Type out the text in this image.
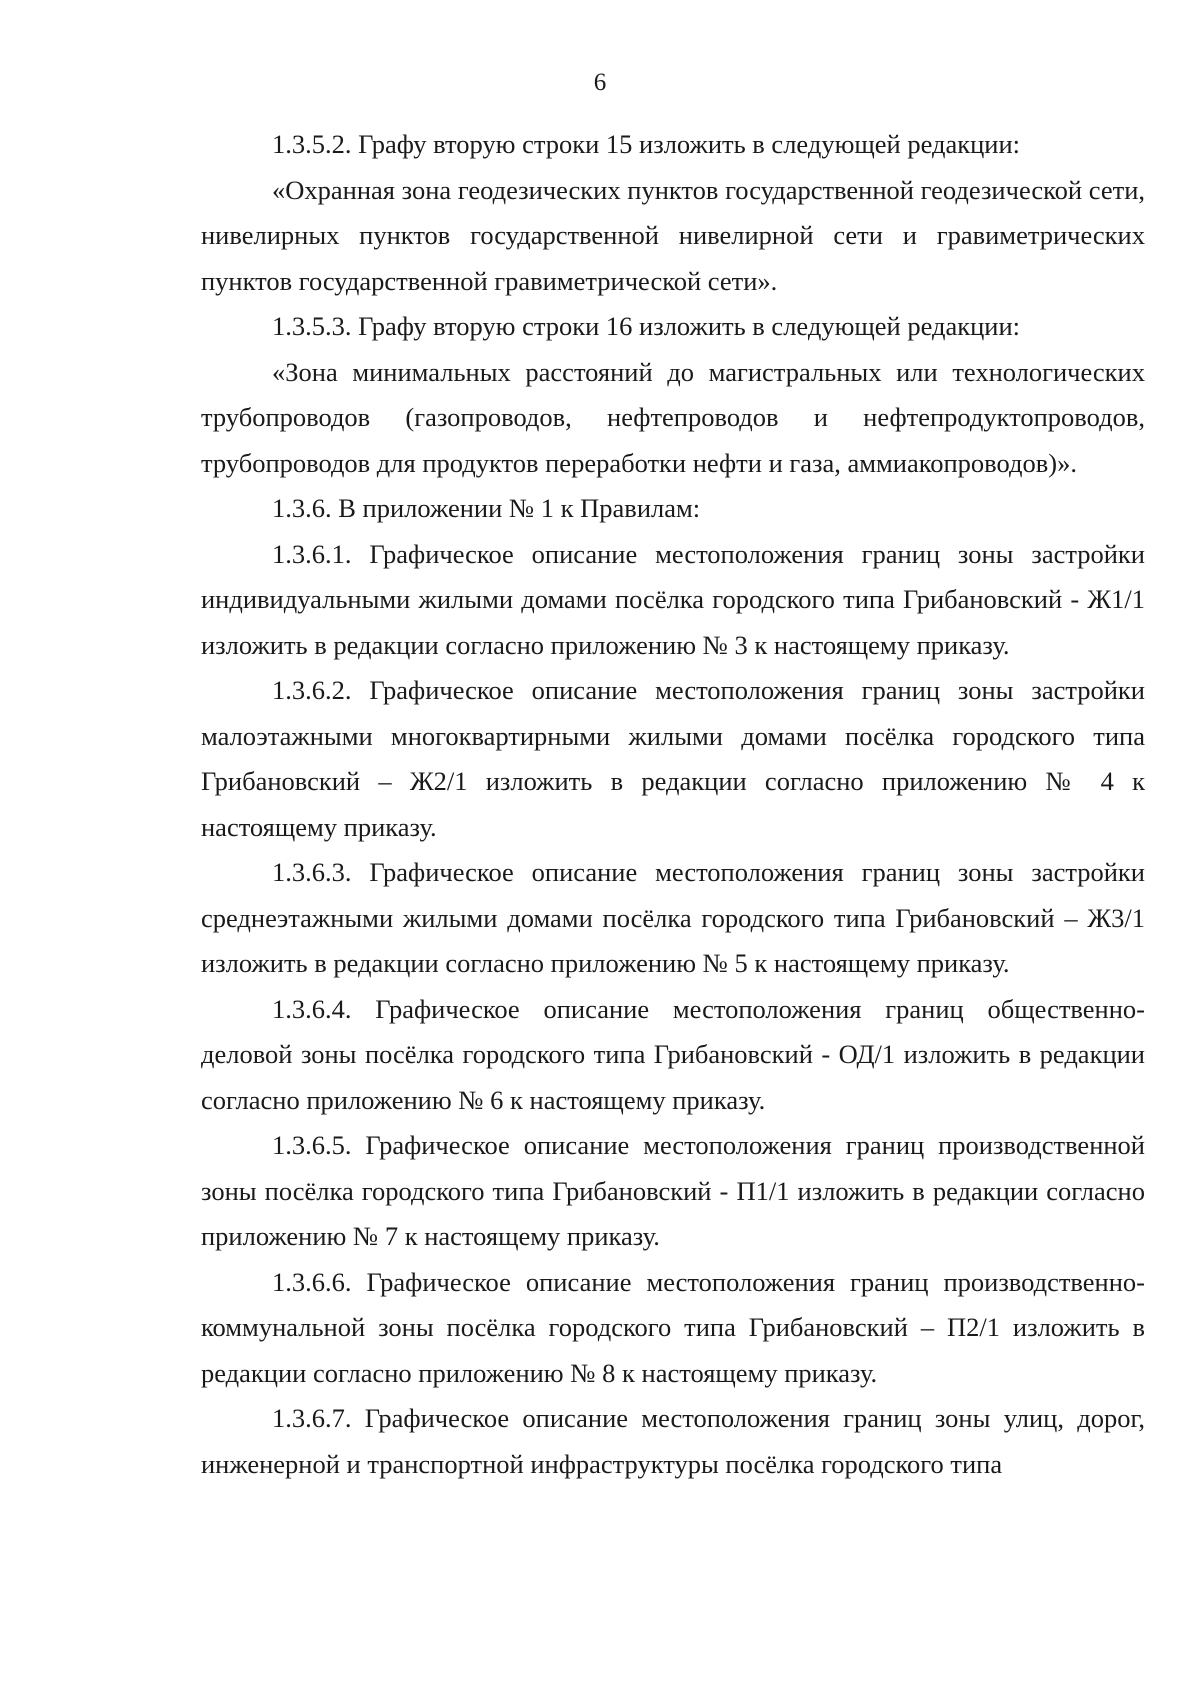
6

1.3.5.2. Графу вторую строки 15 изложить в следующей редакции:

«Охранная зона геодезических пунктов государственной геодезической сети, нивелирных пунктов государственной нивелирной сети и гравиметрических пунктов государственной гравиметрической сети».

1.3.5.3. Графу вторую строки 16 изложить в следующей редакции:

«Зона минимальных расстояний до магистральных или технологических трубопроводов (газопроводов, нефтепроводов и нефтепродуктопроводов, трубопроводов для продуктов переработки нефти и газа, аммиакопроводов)».

1.3.6. В приложении № 1 к Правилам:

1.3.6.1. Графическое описание местоположения границ зоны застройки индивидуальными жилыми домами посёлка городского типа Грибановский - Ж1/1 изложить в редакции согласно приложению № 3 к настоящему приказу.

1.3.6.2. Графическое описание местоположения границ зоны застройки малоэтажными многоквартирными жилыми домами посёлка городского типа Грибановский – Ж2/1 изложить в редакции согласно приложению № 4 к настоящему приказу.

1.3.6.3. Графическое описание местоположения границ зоны застройки среднеэтажными жилыми домами посёлка городского типа Грибановский – Ж3/1 изложить в редакции согласно приложению № 5 к настоящему приказу.

1.3.6.4. Графическое описание местоположения границ общественно-деловой зоны посёлка городского типа Грибановский - ОД/1 изложить в редакции согласно приложению № 6 к настоящему приказу.

1.3.6.5. Графическое описание местоположения границ производственной зоны посёлка городского типа Грибановский - П1/1 изложить в редакции согласно приложению № 7 к настоящему приказу.

1.3.6.6. Графическое описание местоположения границ производственно-коммунальной зоны посёлка городского типа Грибановский – П2/1 изложить в редакции согласно приложению № 8 к настоящему приказу.

1.3.6.7. Графическое описание местоположения границ зоны улиц, дорог, инженерной и транспортной инфраструктуры посёлка городского типа
